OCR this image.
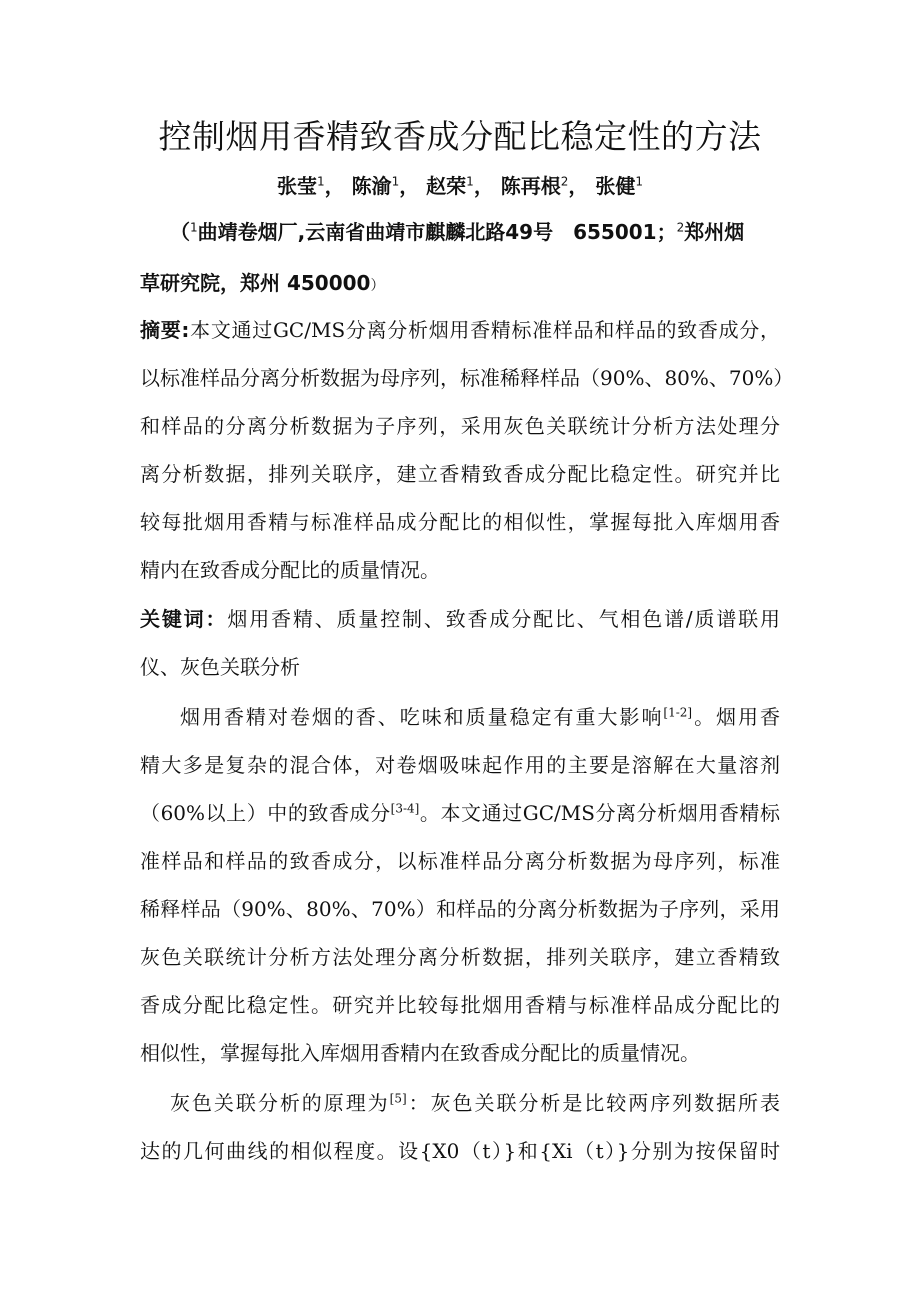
控制烟用香精致香成分配比稳定性的方法
张莹$^1$， 陈渝$^1$， 赵荣$^1$， 陈再根$^2$， 张健$^1$
（$^1$曲靖卷烟厂,云南省曲靖市麒麟北路49号　655001；$^2$郑州烟
草研究院，郑州 450000）
摘要:本文通过GC/MS分离分析烟用香精标准样品和样品的致香成分，
以标准样品分离分析数据为母序列，标准稀释样品（90%、80%、70%）
和样品的分离分析数据为子序列，采用灰色关联统计分析方法处理分
离分析数据，排列关联序，建立香精致香成分配比稳定性。研究并比
较每批烟用香精与标准样品成分配比的相似性，掌握每批入库烟用香
精内在致香成分配比的质量情况。
关键词：烟用香精、质量控制、致香成分配比、气相色谱/质谱联用
仪、灰色关联分析
烟用香精对卷烟的香、吃味和质量稳定有重大影响[1-2]。烟用香
精大多是复杂的混合体，对卷烟吸味起作用的主要是溶解在大量溶剂
（60%以上）中的致香成分[3-4]。本文通过GC/MS分离分析烟用香精标
准样品和样品的致香成分，以标准样品分离分析数据为母序列，标准
稀释样品（90%、80%、70%）和样品的分离分析数据为子序列，采用
灰色关联统计分析方法处理分离分析数据，排列关联序，建立香精致
香成分配比稳定性。研究并比较每批烟用香精与标准样品成分配比的
相似性，掌握每批入库烟用香精内在致香成分配比的质量情况。
灰色关联分析的原理为[5]：灰色关联分析是比较两序列数据所表
达的几何曲线的相似程度。设{X0（t）}和{Xi（t）}分别为按保留时
